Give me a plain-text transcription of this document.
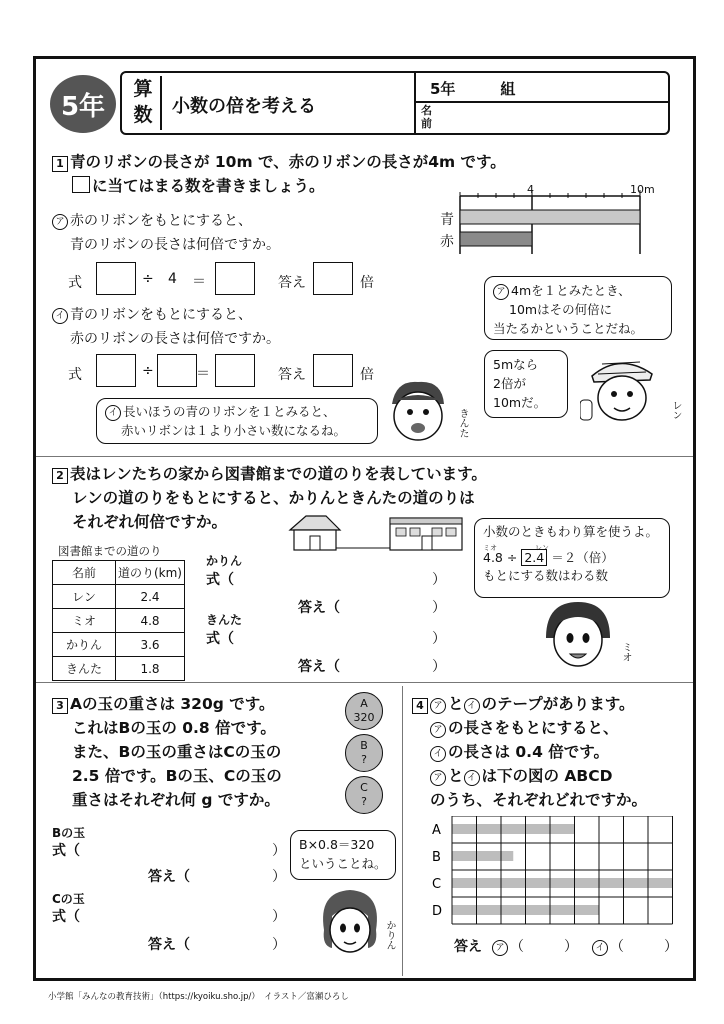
5年
算
数	小数の倍を考える
5年　　　組
名
前
1 青のリボンの長さが 10m で、赤のリボンの長さが4m です。
に当てはまる数を書きましょう。
ア 赤のリボンをもとにすると、
青のリボンの長さは何倍ですか。
式	÷ 4 ＝	答え	倍
イ 青のリボンをもとにすると、
赤のリボンの長さは何倍ですか。
式	÷	＝	答え	倍
4	10m
青
赤
ア 4mを１とみたとき、
10mはその何倍に
当たるかということだね。
5mなら
2倍が
10mだ。
イ 長いほうの青のリボンを１とみると、
赤いリボンは１より小さい数になるね。
レン
きんた
2 表はレンたちの家から図書館までの道のりを表しています。
レンの道のりをもとにすると、かりんときんたの道のりは
それぞれ何倍ですか。
図書館までの道のり
名前	道のり(km)
レン	2.4
ミオ	4.8
かりん	3.6
きんた	1.8
かりん
式（	）
答え（	）
きんた
式（	）
答え（	）
小数のときもわり算を使うよ。

ミオ	レン
4.8 ÷ 2.4 ＝２（倍）
もとにする数はわる数
ミオ
3 Aの玉の重さは 320g です。
これはBの玉の 0.8 倍です。
また、Bの玉の重さはCの玉の
2.5 倍です。Bの玉、Cの玉の
重さはそれぞれ何 g ですか。
A
320
B
?
C
?
Bの玉
式（	）
答え（	）
Cの玉
式（	）
答え（	）
B×0.8＝320
ということね。
かりん
4 ア と イ のテープがあります。
ア の長さをもとにすると、
イ の長さは 0.4 倍です。
ア と イ は下の図の ABCD
のうち、それぞれどれですか。
A
B
C
D
答え	ア （	）	イ （	）
小学館「みんなの教育技術」（https://kyoiku.sho.jp/）　イラスト／富瀬ひろし
